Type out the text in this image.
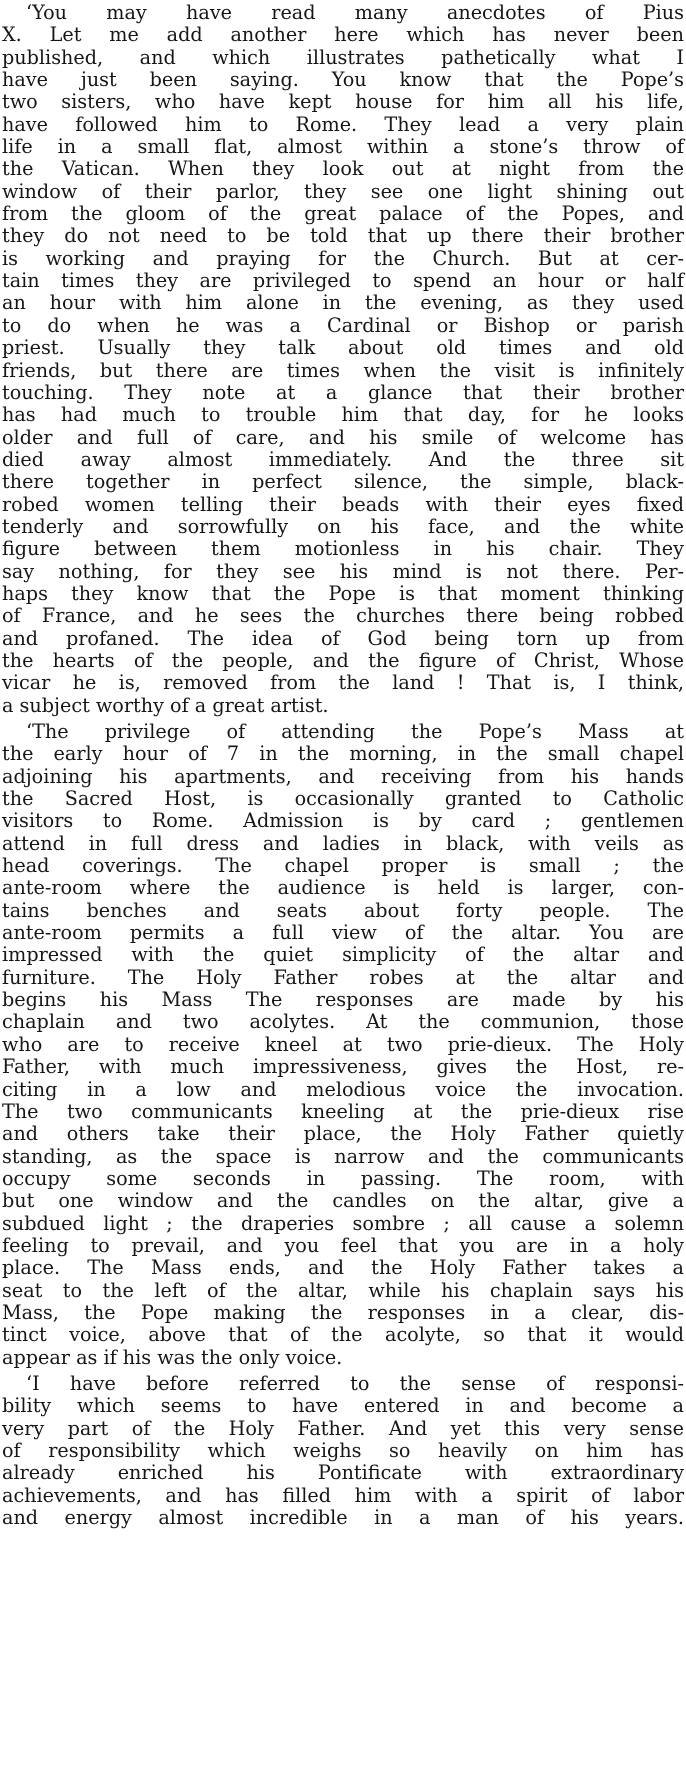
‘You may have read many anecdotes of Pius
X. Let me add another here which has never been
published, and which illustrates pathetically what I
have just been saying. You know that the Pope’s
two sisters, who have kept house for him all his life,
have followed him to Rome. They lead a very plain
life in a small flat, almost within a stone’s throw of
the Vatican. When they look out at night from the
window of their parlor, they see one light shining out
from the gloom of the great palace of the Popes, and
they do not need to be told that up there their brother
is working and praying for the Church. But at cer-
tain times they are privileged to spend an hour or half
an hour with him alone in the evening, as they used
to do when he was a Cardinal or Bishop or parish
priest. Usually they talk about old times and old
friends, but there are times when the visit is infinitely
touching. They note at a glance that their brother
has had much to trouble him that day, for he looks
older and full of care, and his smile of welcome has
died away almost immediately. And the three sit
there together in perfect silence, the simple, black-
robed women telling their beads with their eyes fixed
tenderly and sorrowfully on his face, and the white
figure between them motionless in his chair. They
say nothing, for they see his mind is not there. Per-
haps they know that the Pope is that moment thinking
of France, and he sees the churches there being robbed
and profaned. The idea of God being torn up from
the hearts of the people, and the figure of Christ, Whose
vicar he is, removed from the land ! That is, I think,
a subject worthy of a great artist.
‘The privilege of attending the Pope’s Mass at
the early hour of 7 in the morning, in the small chapel
adjoining his apartments, and receiving from his hands
the Sacred Host, is occasionally granted to Catholic
visitors to Rome. Admission is by card ; gentlemen
attend in full dress and ladies in black, with veils as
head coverings. The chapel proper is small ; the
ante-room where the audience is held is larger, con-
tains benches and seats about forty people. The
ante-room permits a full view of the altar. You are
impressed with the quiet simplicity of the altar and
furniture. The Holy Father robes at the altar and
begins his Mass The responses are made by his
chaplain and two acolytes. At the communion, those
who are to receive kneel at two prie-dieux. The Holy
Father, with much impressiveness, gives the Host, re-
citing in a low and melodious voice the invocation.
The two communicants kneeling at the prie-dieux rise
and others take their place, the Holy Father quietly
standing, as the space is narrow and the communicants
occupy some seconds in passing. The room, with
but one window and the candles on the altar, give a
subdued light ; the draperies sombre ; all cause a solemn
feeling to prevail, and you feel that you are in a holy
place. The Mass ends, and the Holy Father takes a
seat to the left of the altar, while his chaplain says his
Mass, the Pope making the responses in a clear, dis-
tinct voice, above that of the acolyte, so that it would
appear as if his was the only voice.
‘I have before referred to the sense of responsi-
bility which seems to have entered in and become a
very part of the Holy Father. And yet this very sense
of responsibility which weighs so heavily on him has
already enriched his Pontificate with extraordinary
achievements, and has filled him with a spirit of labor
and energy almost incredible in a man of his years.
